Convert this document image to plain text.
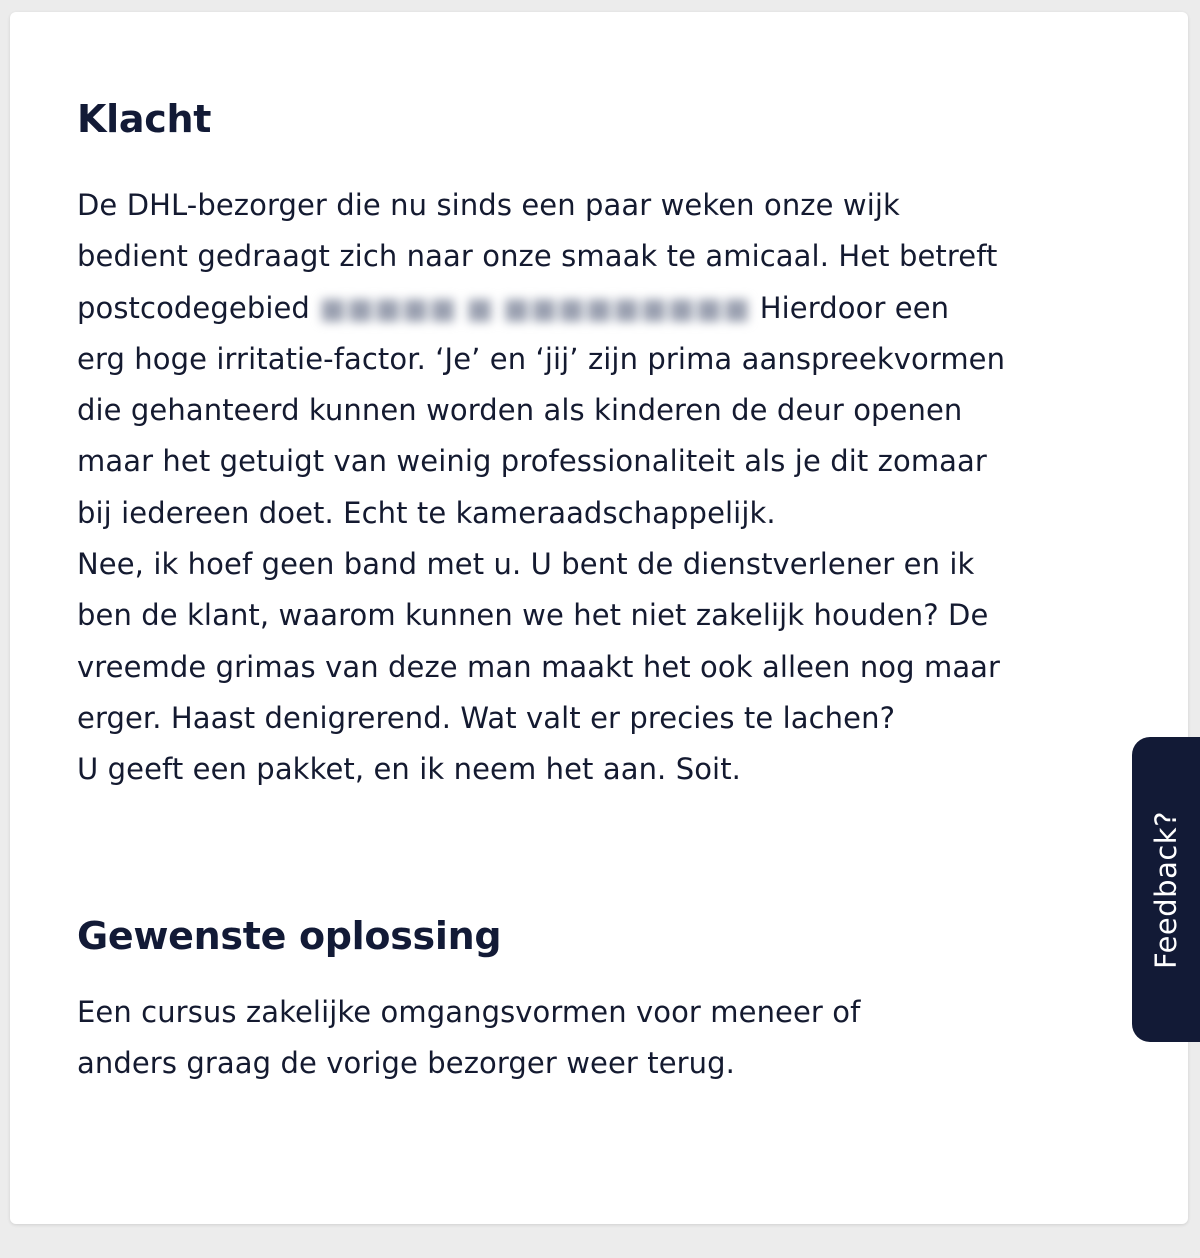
Klacht

De DHL-bezorger die nu sinds een paar weken onze wijk
bedient gedraagt zich naar onze smaak te amicaal. Het betreft
postcodegebied ■■■■■ ■ ■■■■■■■■■ Hierdoor een
erg hoge irritatie-factor. ‘Je’ en ‘jij’ zijn prima aanspreekvormen
die gehanteerd kunnen worden als kinderen de deur openen
maar het getuigt van weinig professionaliteit als je dit zomaar
bij iedereen doet. Echt te kameraadschappelijk.
Nee, ik hoef geen band met u. U bent de dienstverlener en ik
ben de klant, waarom kunnen we het niet zakelijk houden? De
vreemde grimas van deze man maakt het ook alleen nog maar
erger. Haast denigrerend. Wat valt er precies te lachen?
U geeft een pakket, en ik neem het aan. Soit.

Gewenste oplossing

Een cursus zakelijke omgangsvormen voor meneer of
anders graag de vorige bezorger weer terug.

Feedback?
